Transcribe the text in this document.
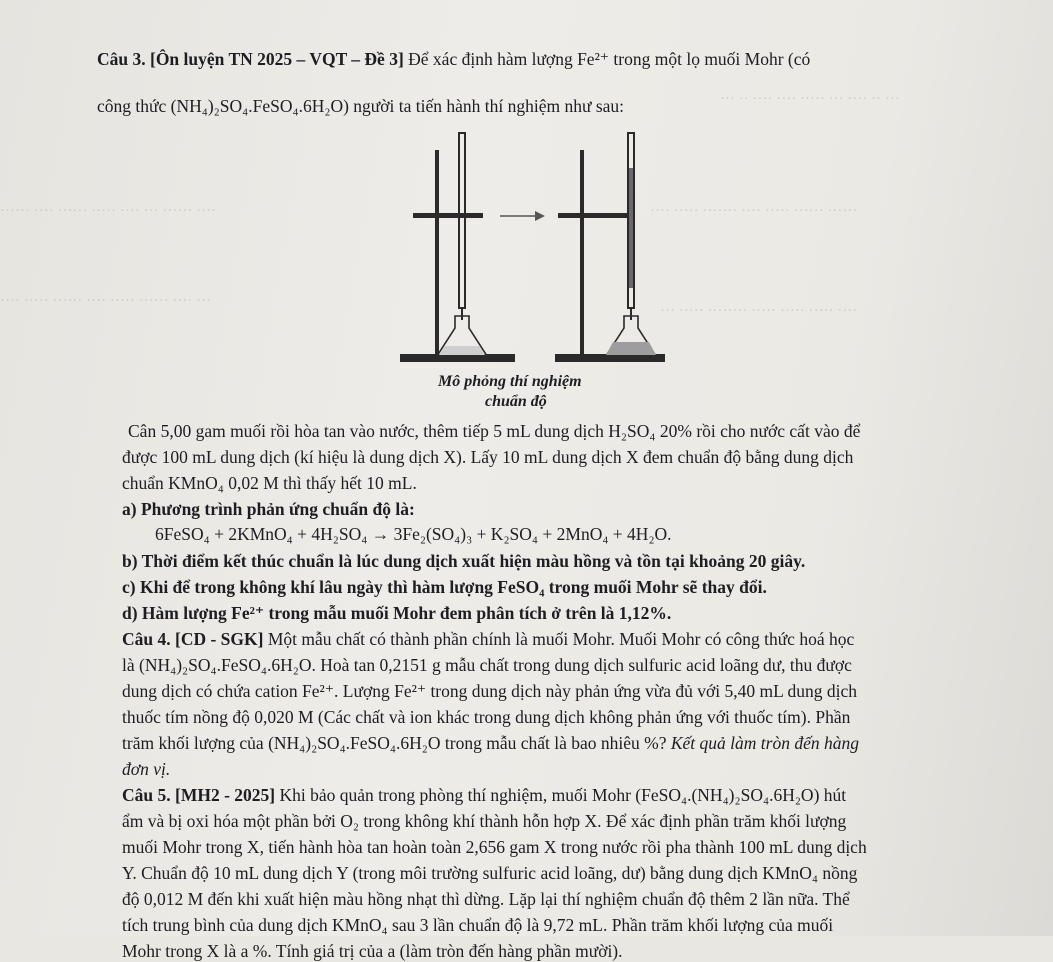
··· ·· ···· ···· ····· ··· ···· ·· ···
······ ···· ······ ····· ···· ··· ······ ····	···· ····· ······· ···· ····· ······ ······
···· ····· ······ ···· ····· ······ ···· ···
··· ····· ········ ····· ····· ····· ····
Câu 3. [Ôn luyện TN 2025 – VQT – Đề 3] Để xác định hàm lượng Fe²⁺ trong một lọ muối Mohr (có
công thức (NH₄)₂SO₄.FeSO₄.6H₂O) người ta tiến hành thí nghiệm như sau:
Mô phỏng thí nghiệm
chuẩn độ
Cân 5,00 gam muối rồi hòa tan vào nước, thêm tiếp 5 mL dung dịch H₂SO₄ 20% rồi cho nước cất vào để
được 100 mL dung dịch (kí hiệu là dung dịch X). Lấy 10 mL dung dịch X đem chuẩn độ bằng dung dịch
chuẩn KMnO₄ 0,02 M thì thấy hết 10 mL.
a) Phương trình phản ứng chuẩn độ là:
6FeSO₄ + 2KMnO₄ + 4H₂SO₄ → 3Fe₂(SO₄)₃ + K₂SO₄ + 2MnO₄ + 4H₂O.
b) Thời điểm kết thúc chuẩn là lúc dung dịch xuất hiện màu hồng và tồn tại khoảng 20 giây.
c) Khi để trong không khí lâu ngày thì hàm lượng FeSO₄ trong muối Mohr sẽ thay đổi.
d) Hàm lượng Fe²⁺ trong mẫu muối Mohr đem phân tích ở trên là 1,12%.
Câu 4. [CD - SGK] Một mẫu chất có thành phần chính là muối Mohr. Muối Mohr có công thức hoá học
là (NH₄)₂SO₄.FeSO₄.6H₂O. Hoà tan 0,2151 g mẫu chất trong dung dịch sulfuric acid loãng dư, thu được
dung dịch có chứa cation Fe²⁺. Lượng Fe²⁺ trong dung dịch này phản ứng vừa đủ với 5,40 mL dung dịch
thuốc tím nồng độ 0,020 M (Các chất và ion khác trong dung dịch không phản ứng với thuốc tím). Phần
trăm khối lượng của (NH₄)₂SO₄.FeSO₄.6H₂O trong mẫu chất là bao nhiêu %? Kết quả làm tròn đến hàng
đơn vị.
Câu 5. [MH2 - 2025] Khi bảo quản trong phòng thí nghiệm, muối Mohr (FeSO₄.(NH₄)₂SO₄.6H₂O) hút
ẩm và bị oxi hóa một phần bởi O₂ trong không khí thành hỗn hợp X. Để xác định phần trăm khối lượng
muối Mohr trong X, tiến hành hòa tan hoàn toàn 2,656 gam X trong nước rồi pha thành 100 mL dung dịch
Y. Chuẩn độ 10 mL dung dịch Y (trong môi trường sulfuric acid loãng, dư) bằng dung dịch KMnO₄ nồng
độ 0,012 M đến khi xuất hiện màu hồng nhạt thì dừng. Lặp lại thí nghiệm chuẩn độ thêm 2 lần nữa. Thể
tích trung bình của dung dịch KMnO₄ sau 3 lần chuẩn độ là 9,72 mL. Phần trăm khối lượng của muối
Mohr trong X là a %. Tính giá trị của a (làm tròn đến hàng phần mười).
